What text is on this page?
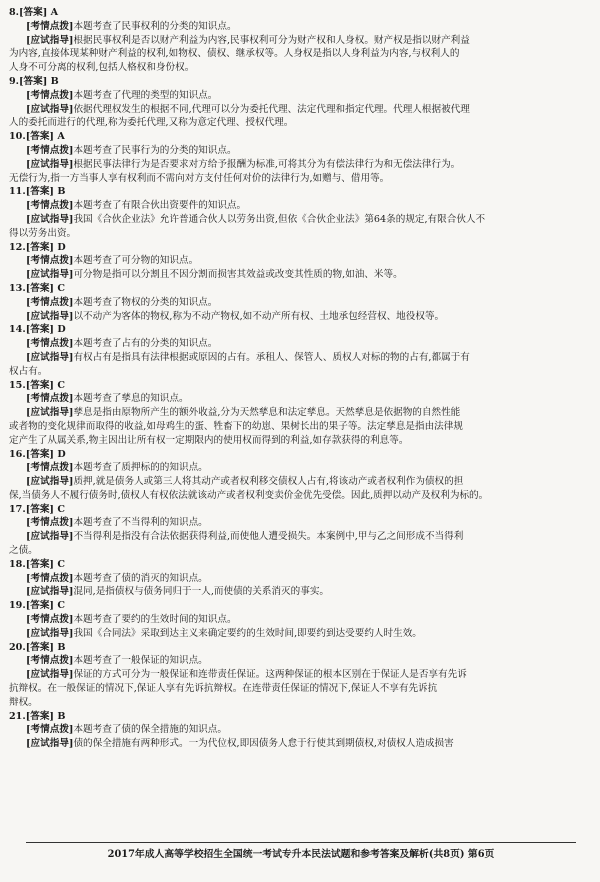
8.[答案] A
[考情点拨]本题考查了民事权利的分类的知识点。
[应试指导]根据民事权利是否以财产利益为内容,民事权利可分为财产权和人身权。财产权是指以财产利益
为内容,直接体现某种财产利益的权利,如物权、债权、继承权等。人身权是指以人身利益为内容,与权利人的
人身不可分离的权利,包括人格权和身份权。
9.[答案] B
[考情点拨]本题考查了代理的类型的知识点。
[应试指导]依据代理权发生的根据不同,代理可以分为委托代理、法定代理和指定代理。代理人根据被代理
人的委托而进行的代理,称为委托代理,又称为意定代理、授权代理。
10.[答案] A
[考情点拨]本题考查了民事行为的分类的知识点。
[应试指导]根据民事法律行为是否要求对方给予报酬为标准,可将其分为有偿法律行为和无偿法律行为。
无偿行为,指一方当事人享有权利而不需向对方支付任何对价的法律行为,如赠与、借用等。
11.[答案] B
[考情点拨]本题考查了有限合伙出资要件的知识点。
[应试指导]我国《合伙企业法》允许普通合伙人以劳务出资,但依《合伙企业法》第64条的规定,有限合伙人不
得以劳务出资。
12.[答案] D
[考情点拨]本题考查了可分物的知识点。
[应试指导]可分物是指可以分割且不因分割而损害其效益或改变其性质的物,如油、米等。
13.[答案] C
[考情点拨]本题考查了物权的分类的知识点。
[应试指导]以不动产为客体的物权,称为不动产物权,如不动产所有权、土地承包经营权、地役权等。
14.[答案] D
[考情点拨]本题考查了占有的分类的知识点。
[应试指导]有权占有是指具有法律根据或原因的占有。承租人、保管人、质权人对标的物的占有,都属于有
权占有。
15.[答案] C
[考情点拨]本题考查了孳息的知识点。
[应试指导]孳息是指由原物所产生的额外收益,分为天然孳息和法定孳息。天然孳息是依据物的自然性能
或者物的变化规律而取得的收益,如母鸡生的蛋、牲畜下的幼崽、果树长出的果子等。法定孳息是指由法律规
定产生了从属关系,物主因出让所有权一定期限内的使用权而得到的利益,如存款获得的利息等。
16.[答案] D
[考情点拨]本题考查了质押标的的知识点。
[应试指导]质押,就是债务人或第三人将其动产或者权利移交债权人占有,将该动产或者权利作为债权的担
保,当债务人不履行债务时,债权人有权依法就该动产或者权利变卖价金优先受偿。因此,质押以动产及权利为标的。
17.[答案] C
[考情点拨]本题考查了不当得利的知识点。
[应试指导]不当得利是指没有合法依据获得利益,而使他人遭受损失。本案例中,甲与乙之间形成不当得利
之债。
18.[答案] C
[考情点拨]本题考查了债的消灭的知识点。
[应试指导]混同,是指债权与债务同归于一人,而使债的关系消灭的事实。
19.[答案] C
[考情点拨]本题考查了要约的生效时间的知识点。
[应试指导]我国《合同法》采取到达主义来确定要约的生效时间,即要约到达受要约人时生效。
20.[答案] B
[考情点拨]本题考查了一般保证的知识点。
[应试指导]保证的方式可分为一般保证和连带责任保证。这两种保证的根本区别在于保证人是否享有先诉
抗辩权。在一般保证的情况下,保证人享有先诉抗辩权。在连带责任保证的情况下,保证人不享有先诉抗
辩权。
21.[答案] B
[考情点拨]本题考查了债的保全措施的知识点。
[应试指导]债的保全措施有两种形式。一为代位权,即因债务人怠于行使其到期债权,对债权人造成损害
2017年成人高等学校招生全国统一考试专升本民法试题和参考答案及解析(共8页) 第6页
